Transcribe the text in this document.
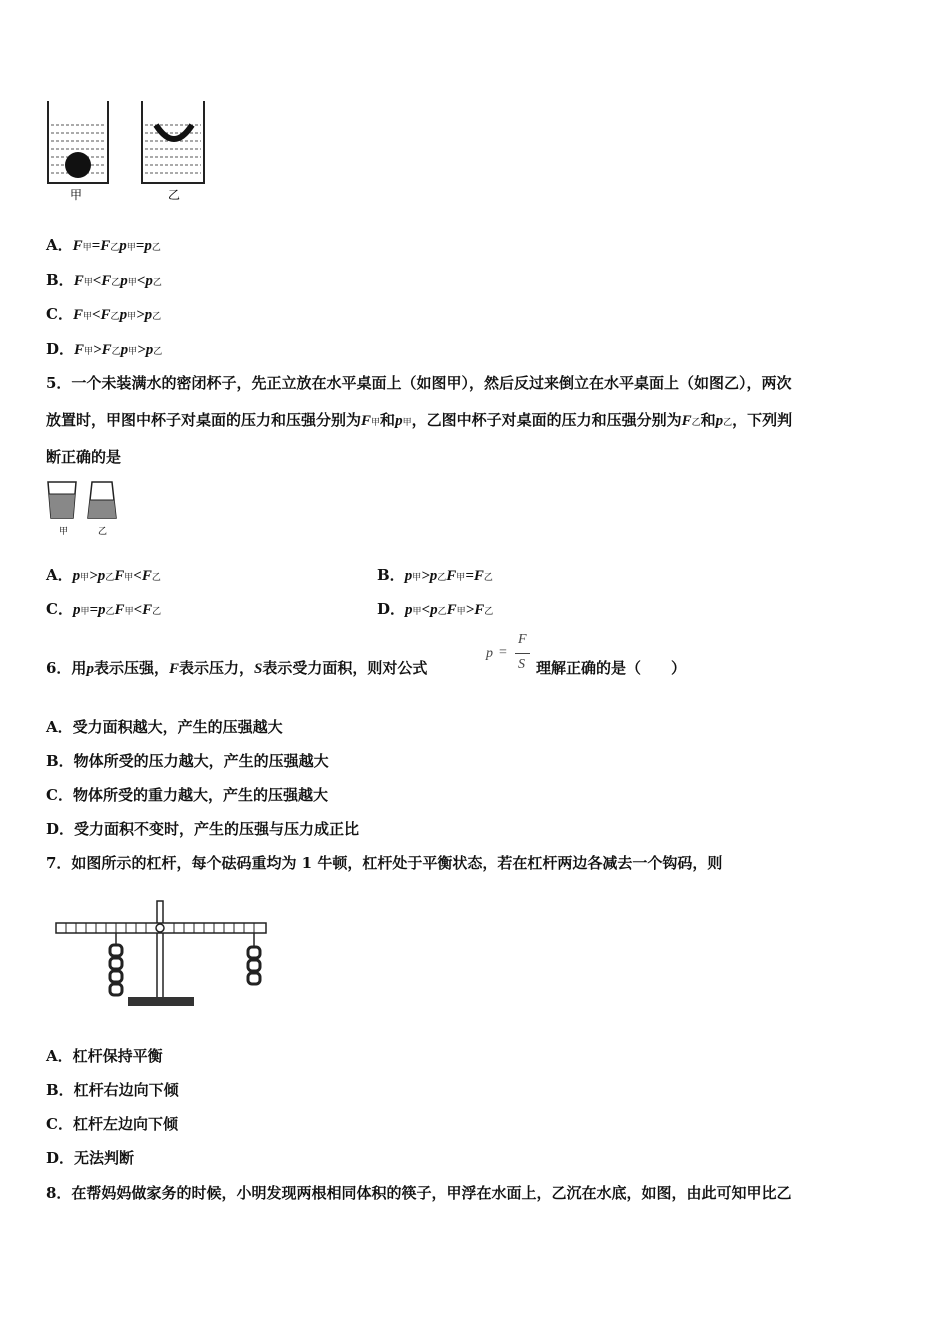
甲	乙
A．F甲=F乙p甲=p乙
B．F甲<F乙p甲<p乙
C．F甲<F乙p甲>p乙
D．F甲>F乙p甲>p乙
5．一个未装满水的密闭杯子，先正立放在水平桌面上（如图甲），然后反过来倒立在水平桌面上（如图乙），两次
放置时，甲图中杯子对桌面的压力和压强分别为F甲和p甲，乙图中杯子对桌面的压力和压强分别为F乙和p乙，下列判
断正确的是
甲	乙
A．p甲>p乙F甲<F乙	B．p甲>p乙F甲=F乙
C．p甲=p乙F甲<F乙	D．p甲<p乙F甲>F乙
6．用p表示压强，F表示压力，S表示受力面积，则对公式
p =
F
S 理解正确的是（　　）
A．受力面积越大，产生的压强越大
B．物体所受的压力越大，产生的压强越大
C．物体所受的重力越大，产生的压强越大
D．受力面积不变时，产生的压强与压力成正比
7．如图所示的杠杆，每个砝码重均为 1 牛顿，杠杆处于平衡状态，若在杠杆两边各减去一个钩码，则
A．杠杆保持平衡
B．杠杆右边向下倾
C．杠杆左边向下倾
D．无法判断
8．在帮妈妈做家务的时候，小明发现两根相同体积的筷子，甲浮在水面上，乙沉在水底，如图，由此可知甲比乙
